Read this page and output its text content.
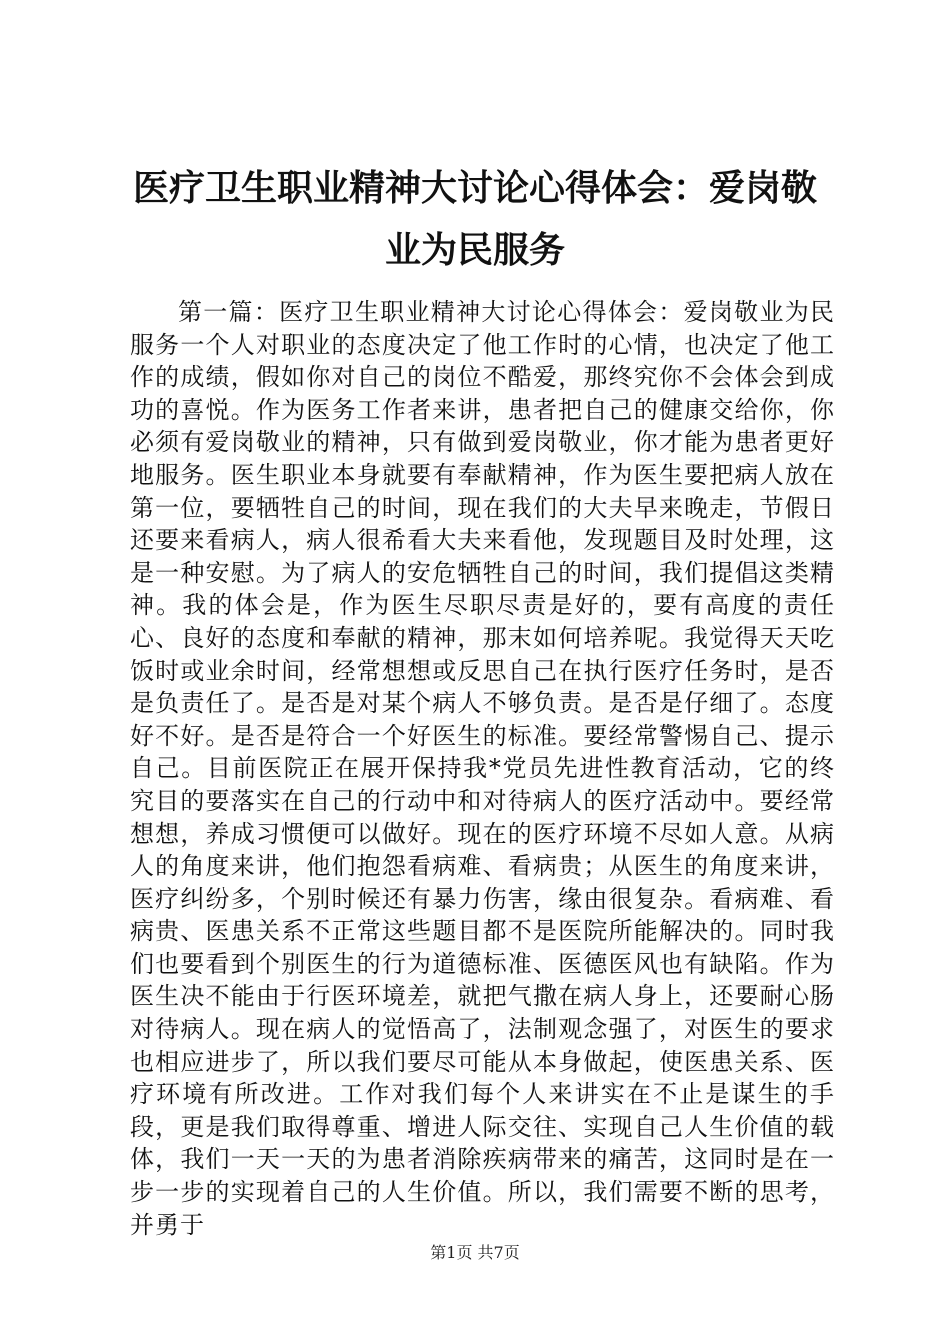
医疗卫生职业精神大讨论心得体会：爱岗敬业为民服务

第一篇：医疗卫生职业精神大讨论心得体会：爱岗敬业为民服务一个人对职业的态度决定了他工作时的心情，也决定了他工作的成绩，假如你对自己的岗位不酷爱，那终究你不会体会到成功的喜悦。作为医务工作者来讲，患者把自己的健康交给你，你必须有爱岗敬业的精神，只有做到爱岗敬业，你才能为患者更好地服务。医生职业本身就要有奉献精神，作为医生要把病人放在第一位，要牺牲自己的时间，现在我们的大夫早来晚走，节假日还要来看病人，病人很希看大夫来看他，发现题目及时处理，这是一种安慰。为了病人的安危牺牲自己的时间，我们提倡这类精神。我的体会是，作为医生尽职尽责是好的，要有高度的责任心、良好的态度和奉献的精神，那末如何培养呢。我觉得天天吃饭时或业余时间，经常想想或反思自己在执行医疗任务时，是否是负责任了。是否是对某个病人不够负责。是否是仔细了。态度好不好。是否是符合一个好医生的标准。要经常警惕自己、提示自己。目前医院正在展开保持我*党员先进性教育活动，它的终究目的要落实在自己的行动中和对待病人的医疗活动中。要经常想想，养成习惯便可以做好。现在的医疗环境不尽如人意。从病人的角度来讲，他们抱怨看病难、看病贵；从医生的角度来讲，医疗纠纷多，个别时候还有暴力伤害，缘由很复杂。看病难、看病贵、医患关系不正常这些题目都不是医院所能解决的。同时我们也要看到个别医生的行为道德标准、医德医风也有缺陷。作为医生决不能由于行医环境差，就把气撒在病人身上，还要耐心肠对待病人。现在病人的觉悟高了，法制观念强了，对医生的要求也相应进步了，所以我们要尽可能从本身做起，使医患关系、医疗环境有所改进。工作对我们每个人来讲实在不止是谋生的手段，更是我们取得尊重、增进人际交往、实现自己人生价值的载体，我们一天一天的为患者消除疾病带来的痛苦，这同时是在一步一步的实现着自己的人生价值。所以，我们需要不断的思考，并勇于

第1页 共7页
